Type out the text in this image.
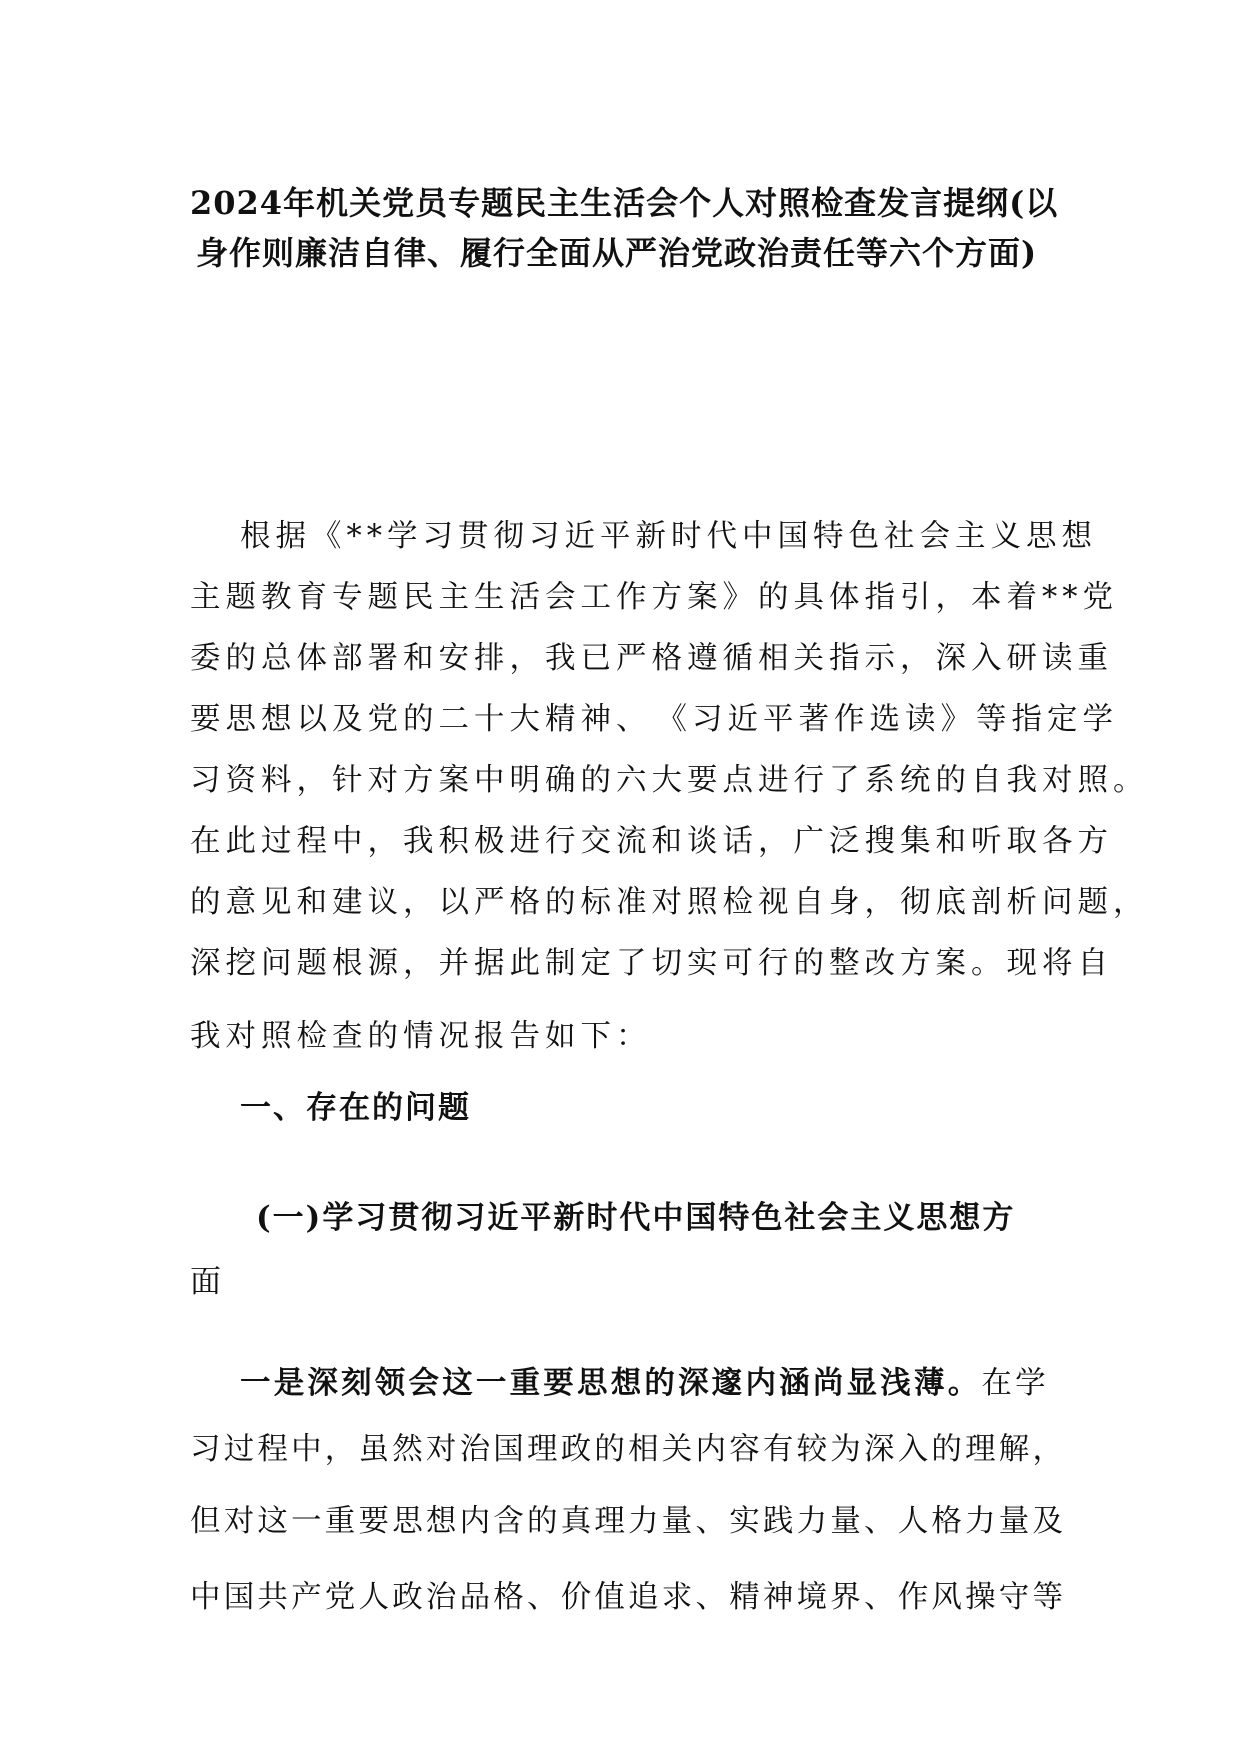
2024年机关党员专题民主生活会个人对照检查发言提纲(以
身作则廉洁自律、履行全面从严治党政治责任等六个方面)

根据《**学习贯彻习近平新时代中国特色社会主义思想
主题教育专题民主生活会工作方案》的具体指引，本着**党
委的总体部署和安排，我已严格遵循相关指示，深入研读重
要思想以及党的二十大精神、　《习近平著作选读》等指定学
习资料，针对方案中明确的六大要点进行了系统的自我对照。
在此过程中，我积极进行交流和谈话，广泛搜集和听取各方
的意见和建议，以严格的标准对照检视自身，彻底剖析问题，
深挖问题根源，并据此制定了切实可行的整改方案。现将自
我对照检查的情况报告如下：

一、存在的问题
(一)学习贯彻习近平新时代中国特色社会主义思想方
面

一是深刻领会这一重要思想的深邃内涵尚显浅薄。在学
习过程中，虽然对治国理政的相关内容有较为深入的理解，
但对这一重要思想内含的真理力量、实践力量、人格力量及
中国共产党人政治品格、价值追求、精神境界、作风操守等
